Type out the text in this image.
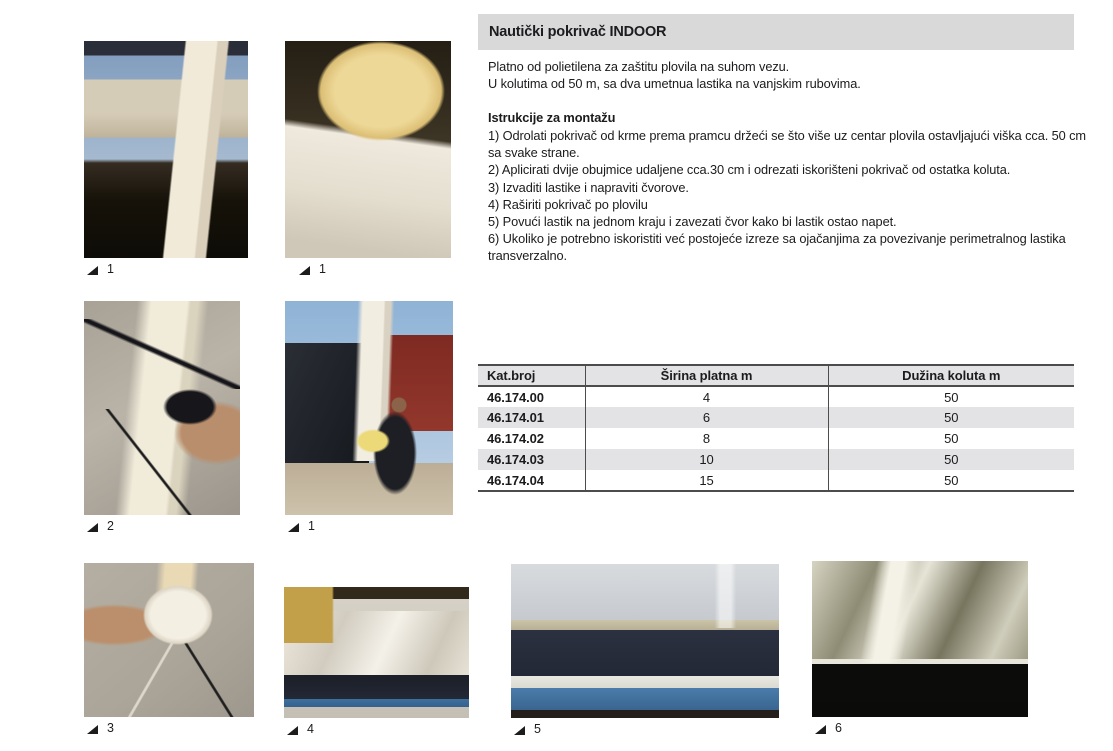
Nautički pokrivač INDOOR
Platno od polietilena za zaštitu plovila na suhom vezu.
U kolutima od 50 m, sa dva umetnua lastika na vanjskim rubovima.
Istrukcije za montažu
1) Odrolati pokrivač od krme prema pramcu držeći se što više uz centar plovila ostavljajući viška cca. 50 cm sa svake strane.
2) Aplicirati dvije obujmice udaljene cca.30 cm i odrezati iskorišteni pokrivač od ostatka koluta.
3) Izvaditi lastike i napraviti čvorove.
4) Raširiti pokrivač po plovilu
5) Povući lastik na jednom kraju i zavezati čvor kako bi lastik ostao napet.
6) Ukoliko je potrebno iskoristiti već postojeće izreze sa ojačanjima za povezivanje perimetralnog lastika transverzalno.
Kat.broj	Širina platna m	Dužina koluta m
46.174.00	4	50
46.174.01	6	50
46.174.02	8	50
46.174.03	10	50
46.174.04	15	50
1	1
2	1
3	4	5	6
